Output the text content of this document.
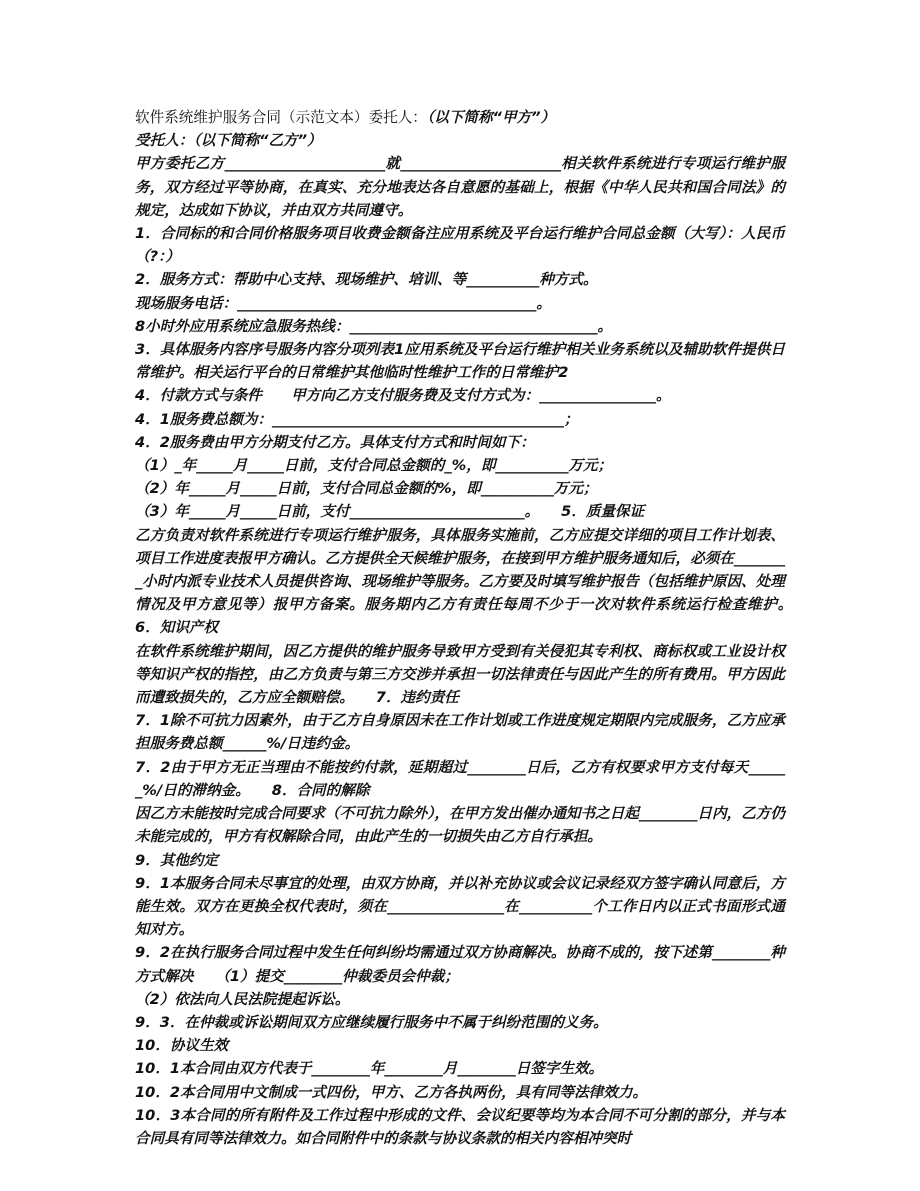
软件系统维护服务合同（示范文本）委托人：（以下简称“甲方”）

受托人：（以下简称“乙方”）

甲方委托乙方______________________就______________________相关软件系统进行专项运行维护服务，双方经过平等协商，在真实、充分地表达各自意愿的基础上，根据《中华人民共和国合同法》的规定，达成如下协议，并由双方共同遵守。

1．合同标的和合同价格服务项目收费金额备注应用系统及平台运行维护合同总金额（大写）：人民币（?：）

2．服务方式：帮助中心支持、现场维护、培训、等__________种方式。

现场服务电话：_________________________________________。

8小时外应用系统应急服务热线：__________________________________。

3．具体服务内容序号服务内容分项列表1应用系统及平台运行维护相关业务系统以及辅助软件提供日常维护。相关运行平台的日常维护其他临时性维护工作的日常维护2

4．付款方式与条件　　甲方向乙方支付服务费及支付方式为：________________。

4．1服务费总额为：________________________________________；

4．2服务费由甲方分期支付乙方。具体支付方式和时间如下：

（1）_年_____月_____日前，支付合同总金额的_%，即__________万元；

（2）年_____月_____日前，支付合同总金额的%，即__________万元；

（3）年_____月_____日前，支付________________________。　　5．质量保证

乙方负责对软件系统进行专项运行维护服务，具体服务实施前，乙方应提交详细的项目工作计划表、项目工作进度表报甲方确认。乙方提供全天候维护服务，在接到甲方维护服务通知后，必须在________小时内派专业技术人员提供咨询、现场维护等服务。乙方要及时填写维护报告（包括维护原因、处理情况及甲方意见等）报甲方备案。服务期内乙方有责任每周不少于一次对软件系统运行检查维护。　　6．知识产权

在软件系统维护期间，因乙方提供的维护服务导致甲方受到有关侵犯其专利权、商标权或工业设计权等知识产权的指控，由乙方负责与第三方交涉并承担一切法律责任与因此产生的所有费用。甲方因此而遭致损失的，乙方应全额赔偿。　　7．违约责任

7．1除不可抗力因素外，由于乙方自身原因未在工作计划或工作进度规定期限内完成服务，乙方应承担服务费总额______%/日违约金。

7．2由于甲方无正当理由不能按约付款，延期超过________日后，乙方有权要求甲方支付每天______%/日的滞纳金。　　8．合同的解除

因乙方未能按时完成合同要求（不可抗力除外），在甲方发出催办通知书之日起________日内，乙方仍未能完成的，甲方有权解除合同，由此产生的一切损失由乙方自行承担。

9．其他约定

9．1本服务合同未尽事宜的处理，由双方协商，并以补充协议或会议记录经双方签字确认同意后，方能生效。双方在更换全权代表时，须在________________在__________个工作日内以正式书面形式通知对方。

9．2在执行服务合同过程中发生任何纠纷均需通过双方协商解决。协商不成的，按下述第________种方式解决　　（1）提交________仲裁委员会仲裁；

（2）依法向人民法院提起诉讼。

9．3．在仲裁或诉讼期间双方应继续履行服务中不属于纠纷范围的义务。

10．协议生效

10．1本合同由双方代表于________年________月________日签字生效。

10．2本合同用中文制成一式四份，甲方、乙方各执两份，具有同等法律效力。

10．3本合同的所有附件及工作过程中形成的文件、会议纪要等均为本合同不可分割的部分，并与本合同具有同等法律效力。如合同附件中的条款与协议条款的相关内容相冲突时
